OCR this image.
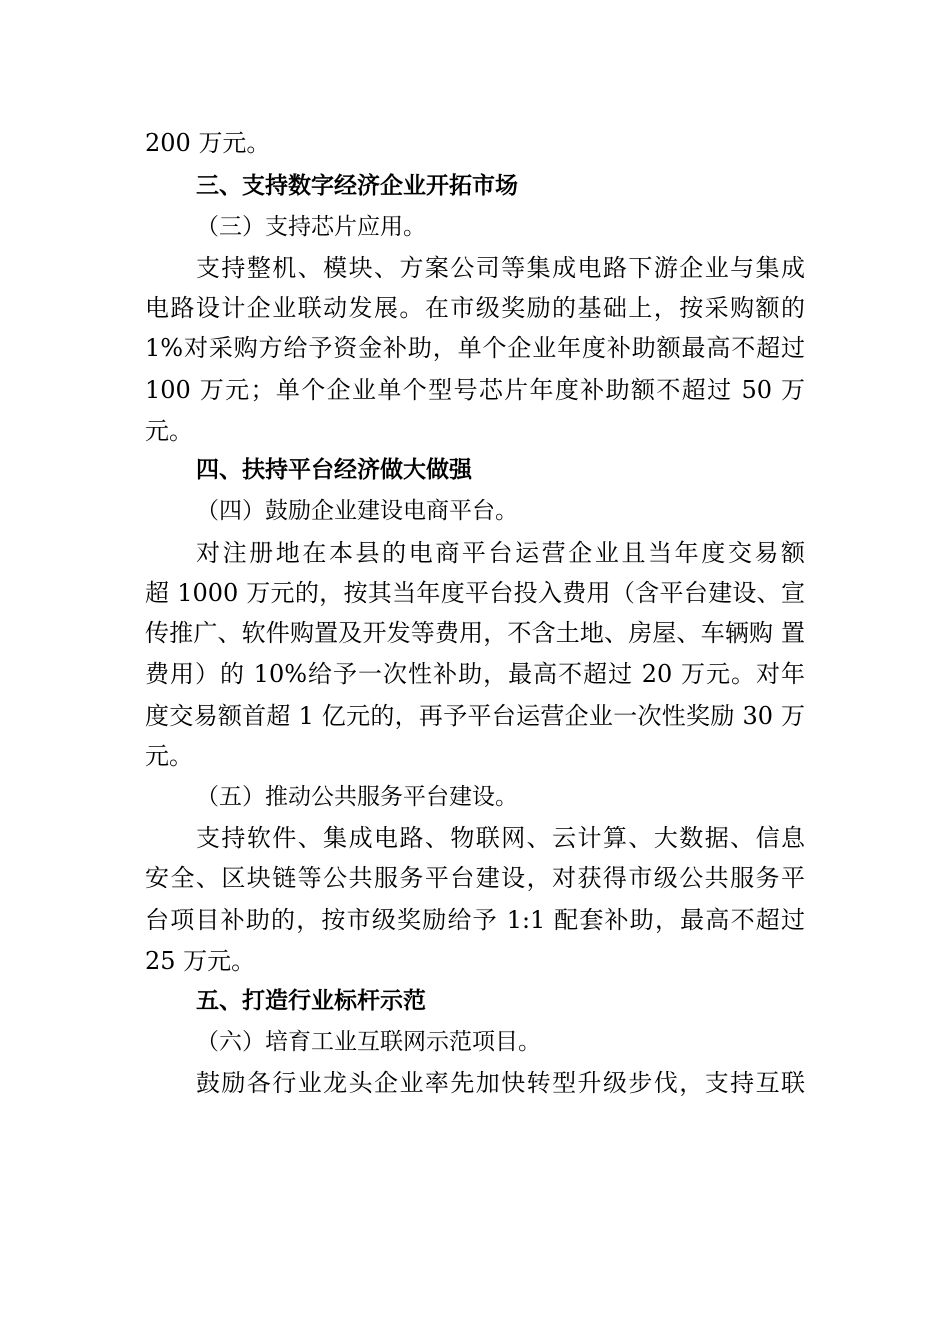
200 万元。
三、支持数字经济企业开拓市场
（三）支持芯片应用。
支持整机、模块、方案公司等集成电路下游企业与集成
电路设计企业联动发展。在市级奖励的基础上，按采购额的
1%对采购方给予资金补助，单个企业年度补助额最高不超过
100 万元；单个企业单个型号芯片年度补助额不超过 50 万
元。
四、扶持平台经济做大做强
（四）鼓励企业建设电商平台。
对注册地在本县的电商平台运营企业且当年度交易额
超 1000 万元的，按其当年度平台投入费用（含平台建设、宣
传推广、软件购置及开发等费用，不含土地、房屋、车辆购 置
费用）的 10%给予一次性补助，最高不超过 20 万元。对年
度交易额首超 1 亿元的，再予平台运营企业一次性奖励 30 万
元。
（五）推动公共服务平台建设。
支持软件、集成电路、物联网、云计算、大数据、信息
安全、区块链等公共服务平台建设，对获得市级公共服务平
台项目补助的，按市级奖励给予 1:1 配套补助，最高不超过
25 万元。
五、打造行业标杆示范
（六）培育工业互联网示范项目。
鼓励各行业龙头企业率先加快转型升级步伐，支持互联
